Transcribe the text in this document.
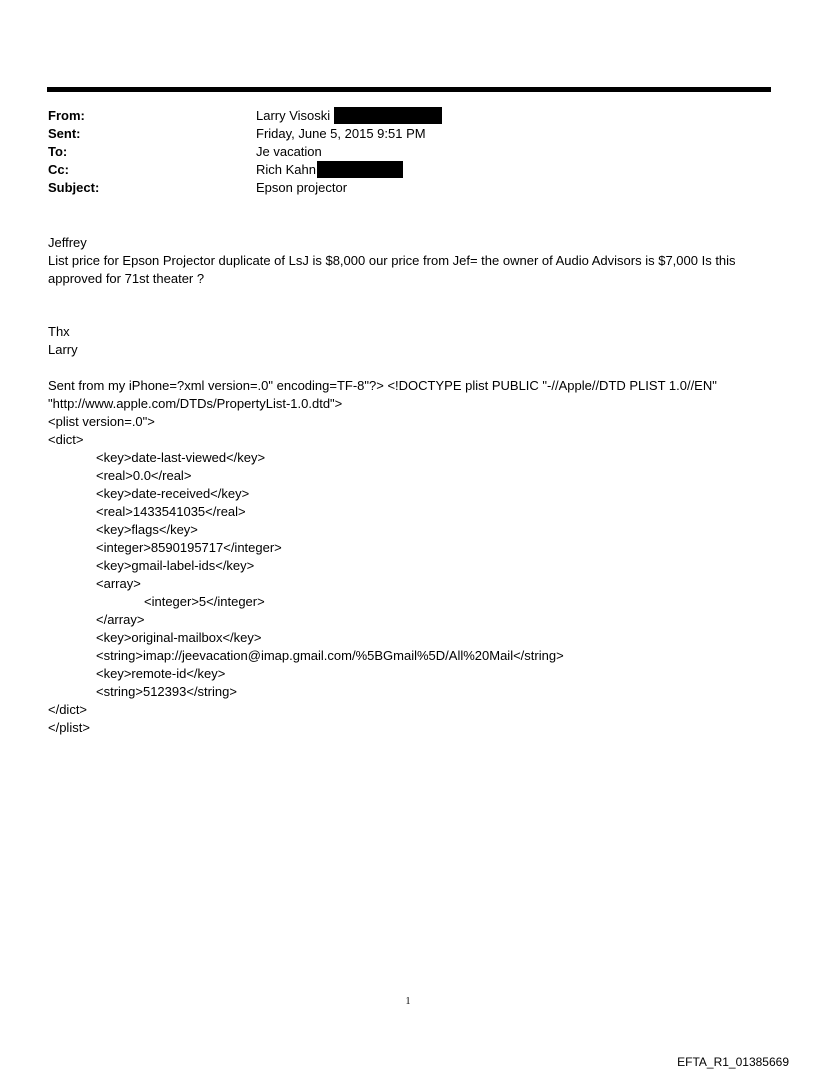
From:	Larry Visoski
Sent:	Friday, June 5, 2015 9:51 PM
To:	Je vacation
Cc:	Rich Kahn
Subject:	Epson projector
Jeffrey
List price for Epson Projector duplicate of LsJ is $8,000 our price from Jef= the owner of Audio Advisors is $7,000 Is this approved for 71st theater ?
Thx
Larry
Sent from my iPhone=?xml version=.0" encoding=TF-8"?> <!DOCTYPE plist PUBLIC "-//Apple//DTD PLIST 1.0//EN"
"http://www.apple.com/DTDs/PropertyList-1.0.dtd">
<plist version=.0">
<dict>
<key>date-last-viewed</key>
<real>0.0</real>
<key>date-received</key>
<real>1433541035</real>
<key>flags</key>
<integer>8590195717</integer>
<key>gmail-label-ids</key>
<array>
<integer>5</integer>
</array>
<key>original-mailbox</key>
<string>imap://jeevacation@imap.gmail.com/%5BGmail%5D/All%20Mail</string>
<key>remote-id</key>
<string>512393</string>
</dict>
</plist>
1
EFTA_R1_01385669
